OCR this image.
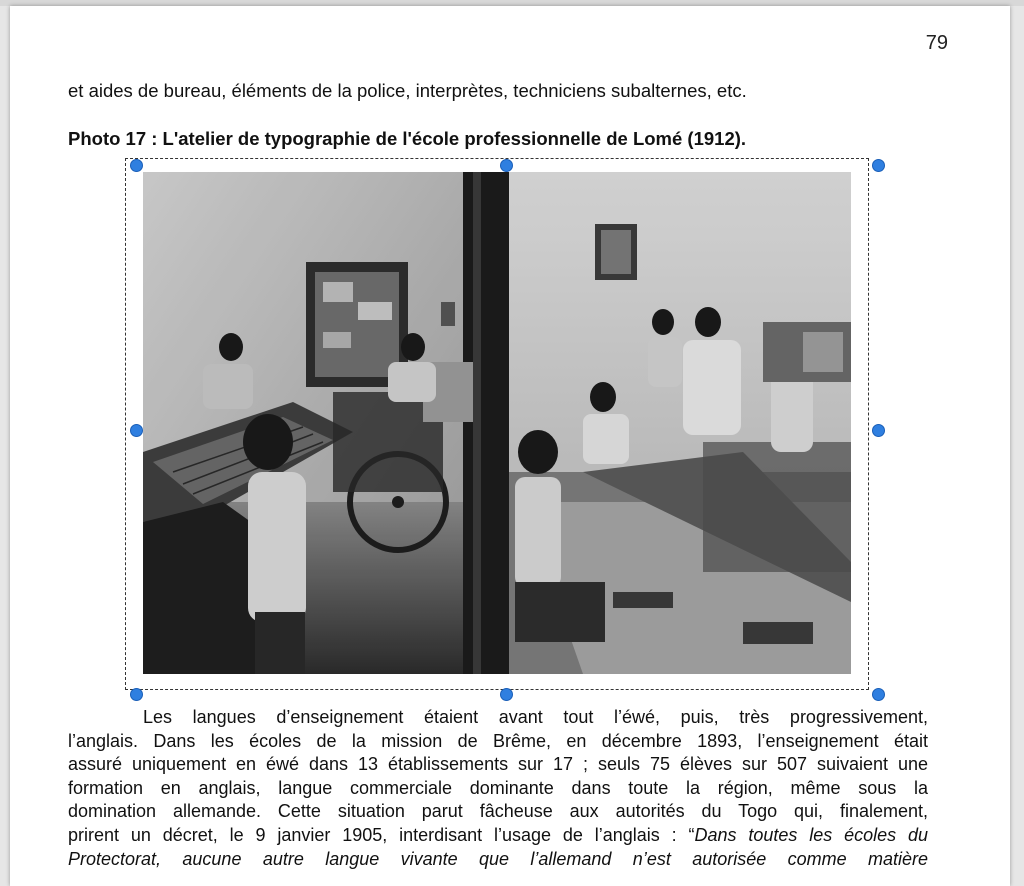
79
et aides de bureau, éléments de la police, interprètes, techniciens subalternes, etc.
Photo 17 : L'atelier de typographie de l'école professionnelle de Lomé (1912).
Les langues d’enseignement étaient avant tout l’éwé, puis, très progressivement,
l’anglais. Dans les écoles de la mission de Brême, en décembre 1893, l’enseignement était
assuré uniquement en éwé dans 13 établissements sur 17 ; seuls 75 élèves sur 507 suivaient une
formation en anglais, langue commerciale dominante dans toute la région, même sous la
domination allemande. Cette situation parut fâcheuse aux autorités du Togo qui, finalement,
prirent un décret, le 9 janvier 1905, interdisant l’usage de l’anglais : “Dans toutes les écoles du
Protectorat, aucune autre langue vivante que l’allemand n’est autorisée comme matière
